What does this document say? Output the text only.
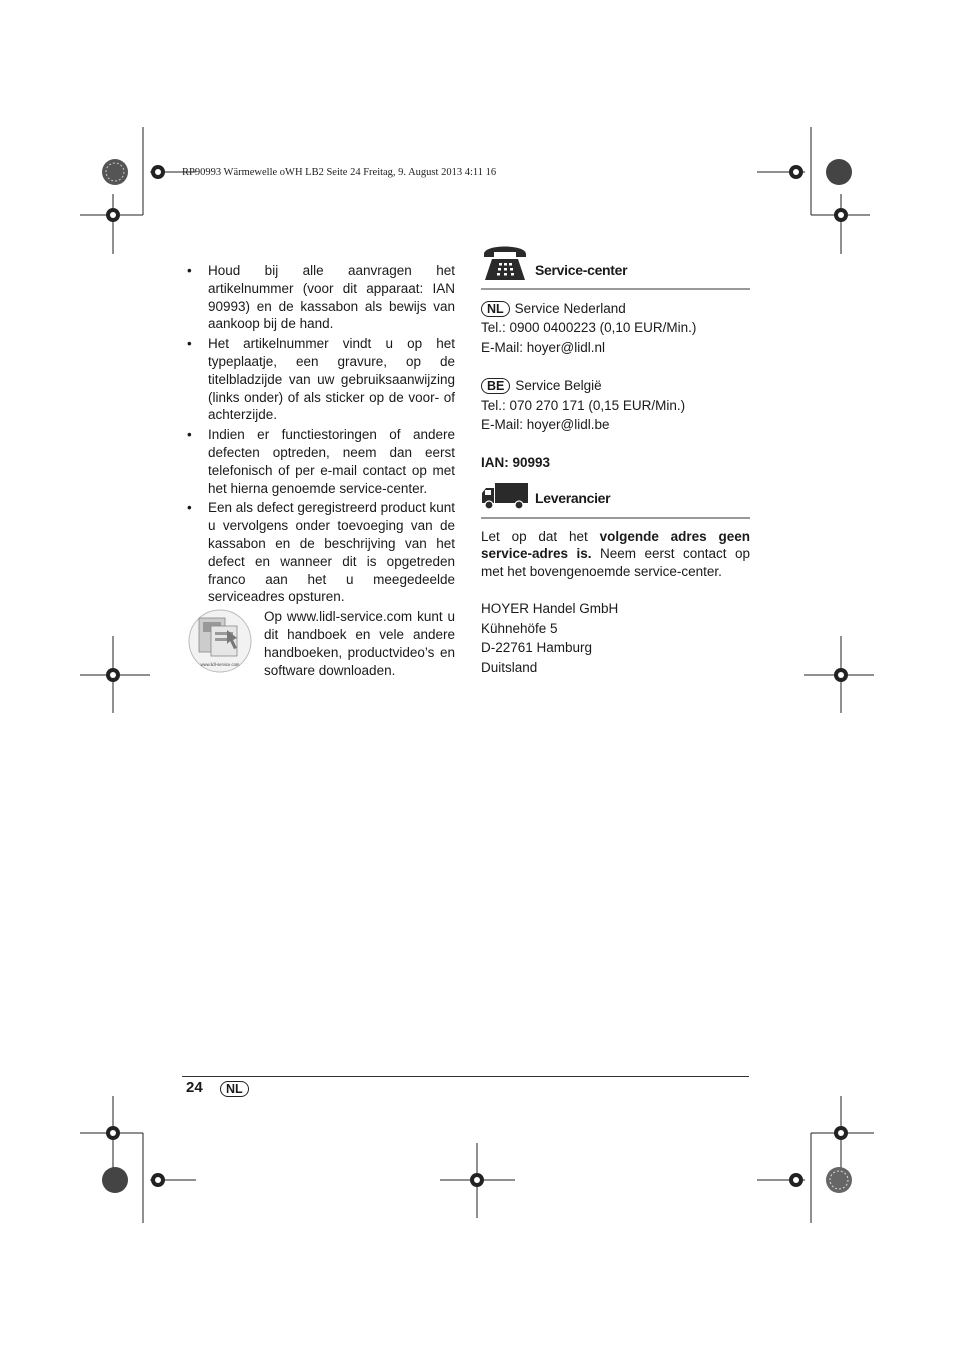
RP90993 Wärmewelle oWH LB2 Seite 24 Freitag, 9. August 2013 4:11 16
•	Houd bij alle aanvragen het artikelnummer (voor dit apparaat: IAN 90993) en de kassabon als bewijs van aankoop bij de hand.
•	Het artikelnummer vindt u op het typeplaatje, een gravure, op de titelbladzijde van uw gebruiksaanwijzing (links onder) of als sticker op de voor- of achterzijde.
•	Indien er functiestoringen of andere defecten optreden, neem dan eerst telefonisch of per e-mail contact op met het hierna genoemde service-center.
•	Een als defect geregistreerd product kunt u vervolgens onder toevoeging van de kassabon en de beschrijving van het defect en wanneer dit is opgetreden franco aan het u meegedeelde serviceadres opsturen.
www.lidl-service.com
Op www.lidl-service.com kunt u dit handboek en vele andere handboeken, productvideo’s en software downloaden.
Service-center

NL Service Nederland

Tel.: 0900 0400223 (0,10 EUR/Min.)

E-Mail: hoyer@lidl.nl

BE Service België

Tel.: 070 270 171 (0,15 EUR/Min.)

E-Mail: hoyer@lidl.be

IAN: 90993

Leverancier

Let op dat het volgende adres geen service-adres is. Neem eerst contact op met het bovengenoemde service-center.

HOYER Handel GmbH

Kühnehöfe 5

D-22761 Hamburg

Duitsland

24	NL
